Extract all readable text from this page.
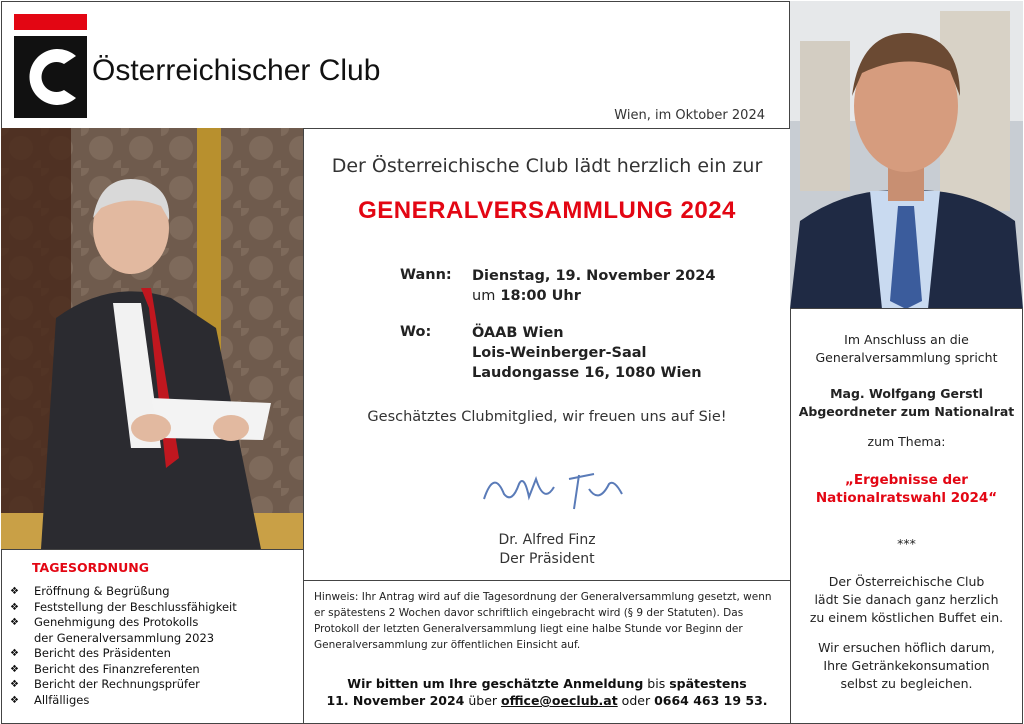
Österreichischer Club
Wien, im Oktober 2024
Der Österreichische Club lädt herzlich ein zur
GENERALVERSAMMLUNG 2024
Wann: Dienstag, 19. November 2024
um 18:00 Uhr
Wo:	ÖAAB Wien
Lois-Weinberger-Saal
Laudongasse 16, 1080 Wien
Geschätztes Clubmitglied, wir freuen uns auf Sie!
Dr. Alfred Finz
Der Präsident
Hinweis: Ihr Antrag wird auf die Tagesordnung der Generalversammlung gesetzt, wenn er spätestens 2 Wochen davor schriftlich eingebracht wird (§ 9 der Statuten). Das Protokoll der letzten Generalversammlung liegt eine halbe Stunde vor Beginn der Generalversammlung zur öffentlichen Einsicht auf.
Wir bitten um Ihre geschätzte Anmeldung bis spätestens
11. November 2024 über office@oeclub.at oder 0664 463 19 53.
TAGESORDNUNG
❖	Eröffnung & Begrüßung
❖	Feststellung der Beschlussfähigkeit
❖	Genehmigung des Protokolls
der Generalversammlung 2023
❖	Bericht des Präsidenten
❖	Bericht des Finanzreferenten
❖	Bericht der Rechnungsprüfer
❖	Allfälliges
Im Anschluss an die
Generalversammlung spricht
Mag. Wolfgang Gerstl
Abgeordneter zum Nationalrat
zum Thema:
„Ergebnisse der
Nationalratswahl 2024“
***
Der Österreichische Club
lädt Sie danach ganz herzlich
zu einem köstlichen Buffet ein.
Wir ersuchen höflich darum,
Ihre Getränkekonsumation
selbst zu begleichen.
